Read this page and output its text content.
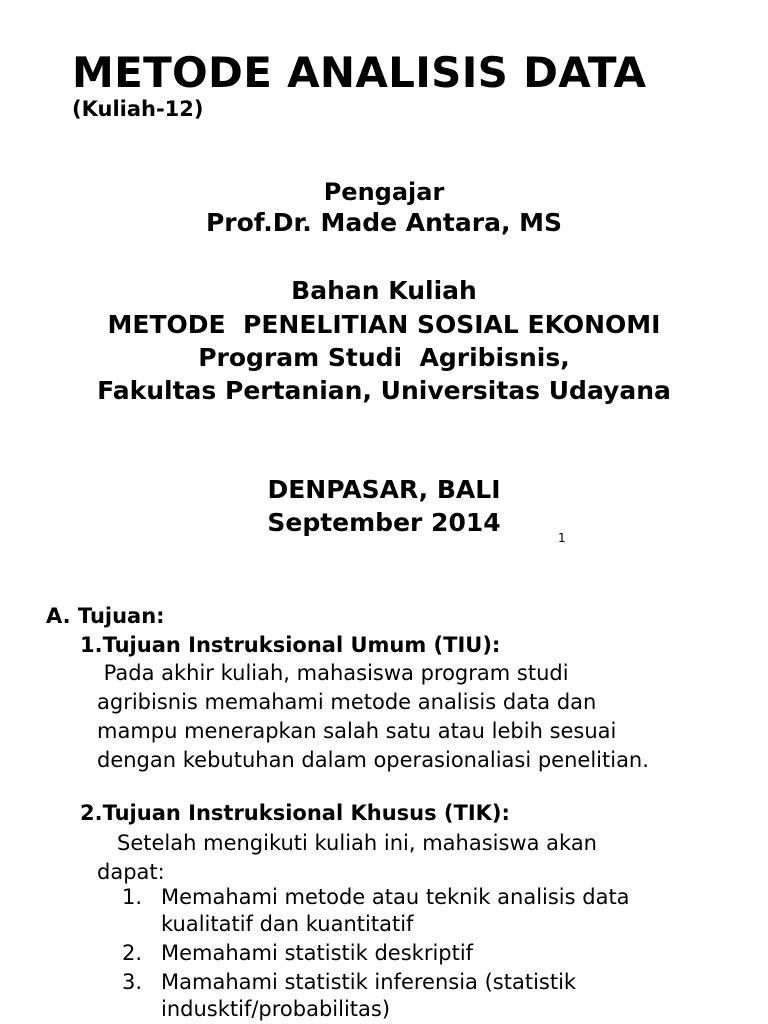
METODE ANALISIS DATA
(Kuliah-12)
Pengajar
Prof.Dr. Made Antara, MS
Bahan Kuliah
METODE  PENELITIAN SOSIAL EKONOMI
Program Studi  Agribisnis,
Fakultas Pertanian, Universitas Udayana
DENPASAR, BALI
September 2014
1
A. Tujuan:
1.Tujuan Instruksional Umum (TIU):
Pada akhir kuliah, mahasiswa program studi
agribisnis memahami metode analisis data dan
mampu menerapkan salah satu atau lebih sesuai
dengan kebutuhan dalam operasionaliasi penelitian.
2.Tujuan Instruksional Khusus (TIK):
Setelah mengikuti kuliah ini, mahasiswa akan
dapat:
1. Memahami metode atau teknik analisis data
kualitatif dan kuantitatif
2. Memahami statistik deskriptif
3. Mamahami statistik inferensia (statistik
indusktif/probabilitas)
